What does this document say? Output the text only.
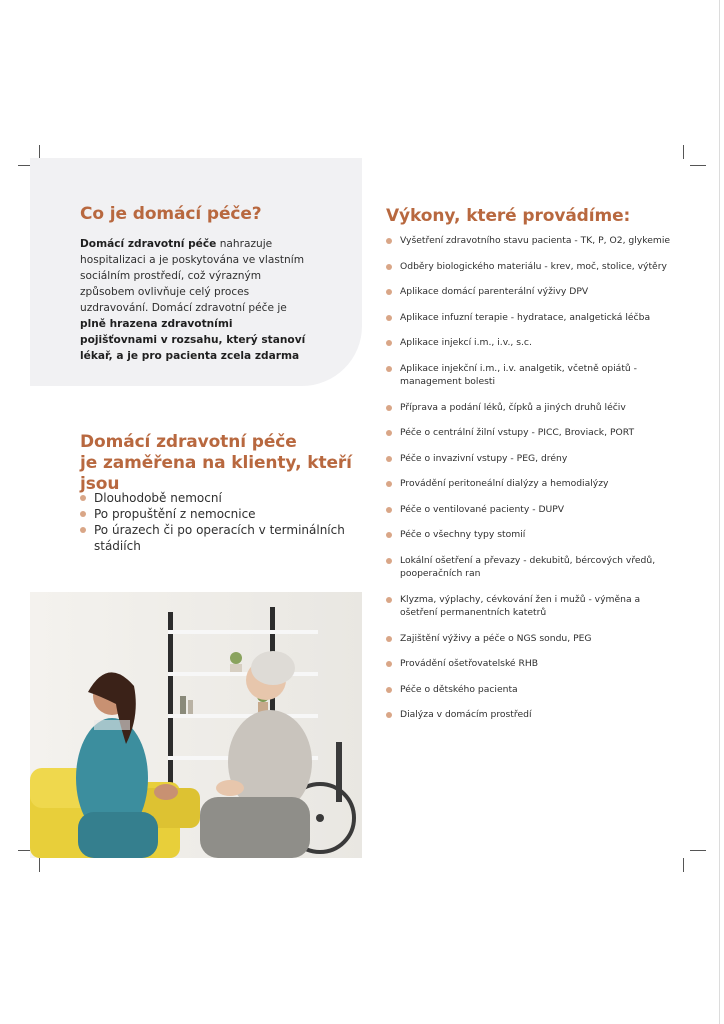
Co je domácí péče?
Domácí zdravotní péče nahrazuje hospitalizaci a je poskytována ve vlastním sociálním prostředí, což výrazným způsobem ovlivňuje celý proces uzdravování. Domácí zdravotní péče je plně hrazena zdravotními pojišťovnami v rozsahu, který stanoví lékař, a je pro pacienta zcela zdarma
Domácí zdravotní péče
je zaměřena na klienty, kteří jsou
Dlouhodobě nemocní
Po propuštění z nemocnice
Po úrazech či po operacích v terminálních stádiích
Výkony, které provádíme:
Vyšetření zdravotního stavu pacienta - TK, P, O2, glykemie
Odběry biologického materiálu - krev, moč, stolice, výtěry
Aplikace domácí parenterální výživy DPV
Aplikace infuzní terapie - hydratace, analgetická léčba
Aplikace injekcí i.m., i.v., s.c.
Aplikace injekční i.m., i.v. analgetik, včetně opiátů - management bolesti
Příprava a podání léků, čípků a jiných druhů léčiv
Péče o centrální žilní vstupy - PICC, Broviack, PORT
Péče o invazivní vstupy - PEG, drény
Provádění peritoneální dialýzy a hemodialýzy
Péče o ventilované pacienty - DUPV
Péče o všechny typy stomií
Lokální ošetření a převazy - dekubitů, bércových vředů, pooperačních ran
Klyzma, výplachy, cévkování žen i mužů - výměna a ošetření permanentních katetrů
Zajištění výživy a péče o NGS sondu, PEG
Provádění ošetřovatelské RHB
Péče o dětského pacienta
Dialýza v domácím prostředí
